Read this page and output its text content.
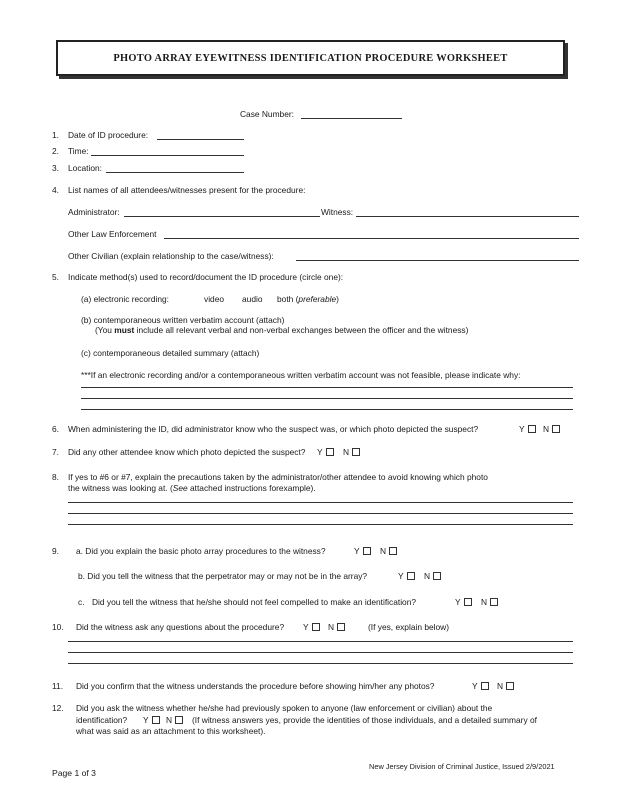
PHOTO ARRAY EYEWITNESS IDENTIFICATION PROCEDURE WORKSHEET
Case Number:
1. Date of ID procedure:
2. Time:
3. Location:
4. List names of all attendees/witnesses present for the procedure:
Administrator:	Witness:
Other Law Enforcement
Other Civilian (explain relationship to the case/witness):
5. Indicate method(s) used to record/document the ID procedure (circle one):
(a) electronic recording:	video audio both (preferable)
(b) contemporaneous written verbatim account (attach)
(You must include all relevant verbal and non-verbal exchanges between the officer and the witness)
(c) contemporaneous detailed summary (attach)
***If an electronic recording and/or a contemporaneous written verbatim account was not feasible, please indicate why:
6. When administering the ID, did administrator know who the suspect was, or which photo depicted the suspect?	Y	N
7. Did any other attendee know which photo depicted the suspect? Y	N
8. If yes to #6 or #7, explain the precautions taken by the administrator/other attendee to avoid knowing which photo
the witness was looking at. (See attached instructions forexample).
9. a. Did you explain the basic photo array procedures to the witness?	Y	N
b. Did you tell the witness that the perpetrator may or may not be in the array?	Y	N
c. Did you tell the witness that he/she should not feel compelled to make an identification?	Y	N
10. Did the witness ask any questions about the procedure? Y	N	(If yes, explain below)
11. Did you confirm that the witness understands the procedure before showing him/her any photos?	Y	N
12. Did you ask the witness whether he/she had previously spoken to anyone (law enforcement or civilian) about the
identification? Y	N	(If witness answers yes, provide the identities of those individuals, and a detailed summary of
what was said as an attachment to this worksheet).
Page 1 of 3
New Jersey Division of Criminal Justice, Issued 2/9/2021
